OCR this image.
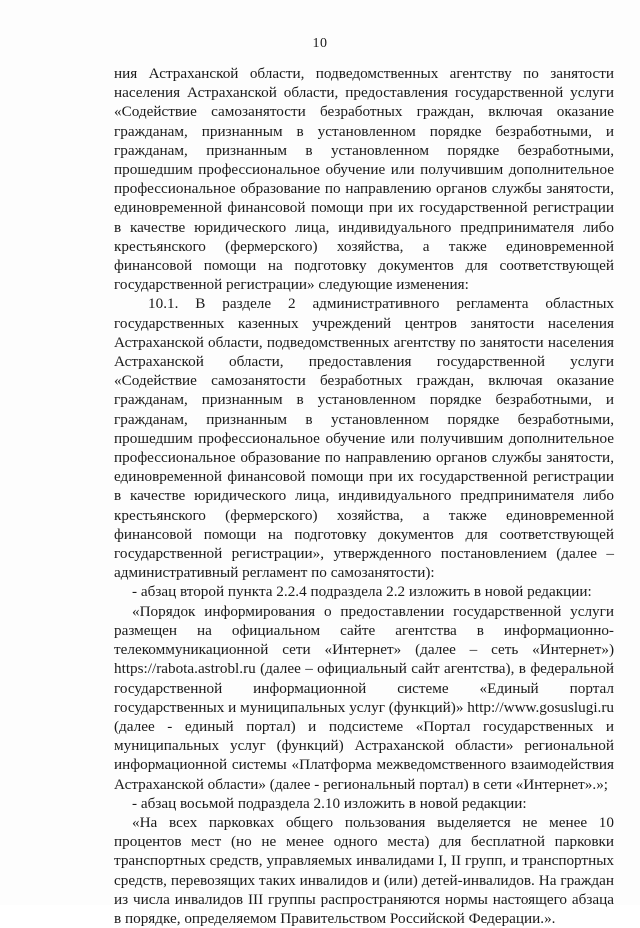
10

ния Астраханской области, подведомственных агентству по занятости населения Астраханской области, предоставления государственной услуги «Содействие самозанятости безработных граждан, включая оказание гражданам, признанным в установленном порядке безработными, и гражданам, признанным в установленном порядке безработными, прошедшим профессиональное обучение или получившим дополнительное профессиональное образование по направлению органов службы занятости, единовременной финансовой помощи при их государственной регистрации в качестве юридического лица, индивидуального предпринимателя либо крестьянского (фермерского) хозяйства, а также единовременной финансовой помощи на подготовку документов для соответствующей государственной регистрации» следующие изменения:

10.1. В разделе 2 административного регламента областных государственных казенных учреждений центров занятости населения Астраханской области, подведомственных агентству по занятости населения Астраханской области, предоставления государственной услуги «Содействие самозанятости безработных граждан, включая оказание гражданам, признанным в установленном порядке безработными, и гражданам, признанным в установленном порядке безработными, прошедшим профессиональное обучение или получившим дополнительное профессиональное образование по направлению органов службы занятости, единовременной финансовой помощи при их государственной регистрации в качестве юридического лица, индивидуального предпринимателя либо крестьянского (фермерского) хозяйства, а также единовременной финансовой помощи на подготовку документов для соответствующей государственной регистрации», утвержденного постановлением (далее – административный регламент по самозанятости):

- абзац второй пункта 2.2.4 подраздела 2.2 изложить в новой редакции:

«Порядок информирования о предоставлении государственной услуги размещен на официальном сайте агентства в информационно-телекоммуникационной сети «Интернет» (далее – сеть «Интернет») https://rabota.astrobl.ru (далее – официальный сайт агентства), в федеральной государственной информационной системе «Единый портал государственных и муниципальных услуг (функций)» http://www.gosuslugi.ru (далее - единый портал) и подсистеме «Портал государственных и муниципальных услуг (функций) Астраханской области» региональной информационной системы «Платформа межведомственного взаимодействия Астраханской области» (далее - региональный портал) в сети «Интернет».»;

- абзац восьмой подраздела 2.10 изложить в новой редакции:

«На всех парковках общего пользования выделяется не менее 10 процентов мест (но не менее одного места) для бесплатной парковки транспортных средств, управляемых инвалидами I, II групп, и транспортных средств, перевозящих таких инвалидов и (или) детей-инвалидов. На граждан из числа инвалидов III группы распространяются нормы настоящего абзаца в порядке, определяемом Правительством Российской Федерации.».
